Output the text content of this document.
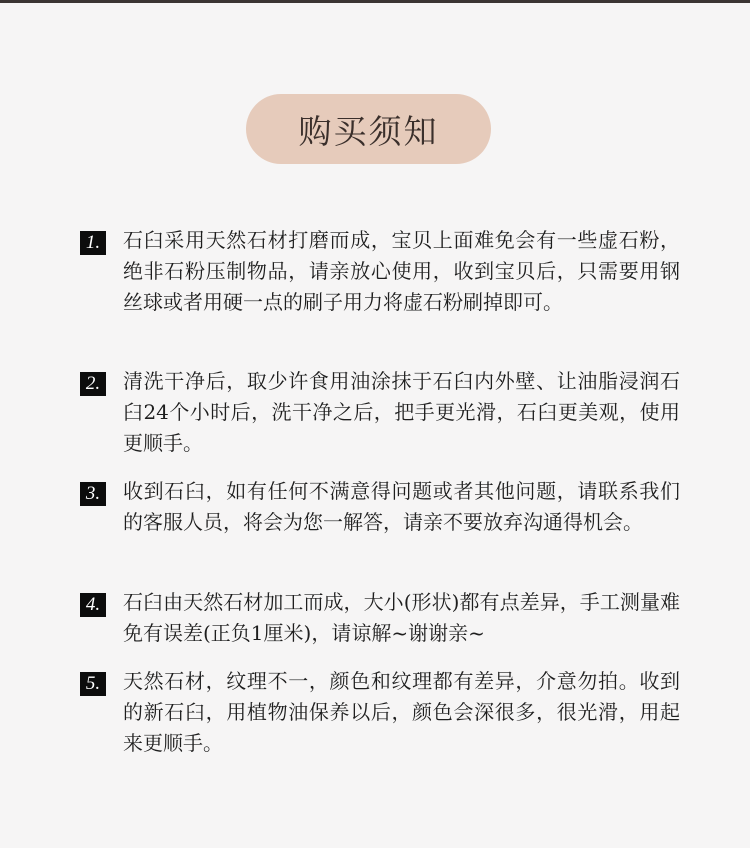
购买须知
1. 石臼采用天然石材打磨而成，宝贝上面难免会有一些虚石粉，绝非石粉压制物品，请亲放心使用，收到宝贝后，只需要用钢丝球或者用硬一点的刷子用力将虚石粉刷掉即可。
2. 清洗干净后，取少许食用油涂抹于石臼内外壁、让油脂浸润石臼24个小时后，洗干净之后，把手更光滑，石臼更美观，使用更顺手。
3. 收到石臼，如有任何不满意得问题或者其他问题，请联系我们的客服人员，将会为您一解答，请亲不要放弃沟通得机会。
4. 石臼由天然石材加工而成，大小(形状)都有点差异，手工测量难免有误差(正负1厘米)，请谅解~谢谢亲~
5. 天然石材，纹理不一，颜色和纹理都有差异，介意勿拍。收到的新石臼，用植物油保养以后，颜色会深很多，很光滑，用起来更顺手。
